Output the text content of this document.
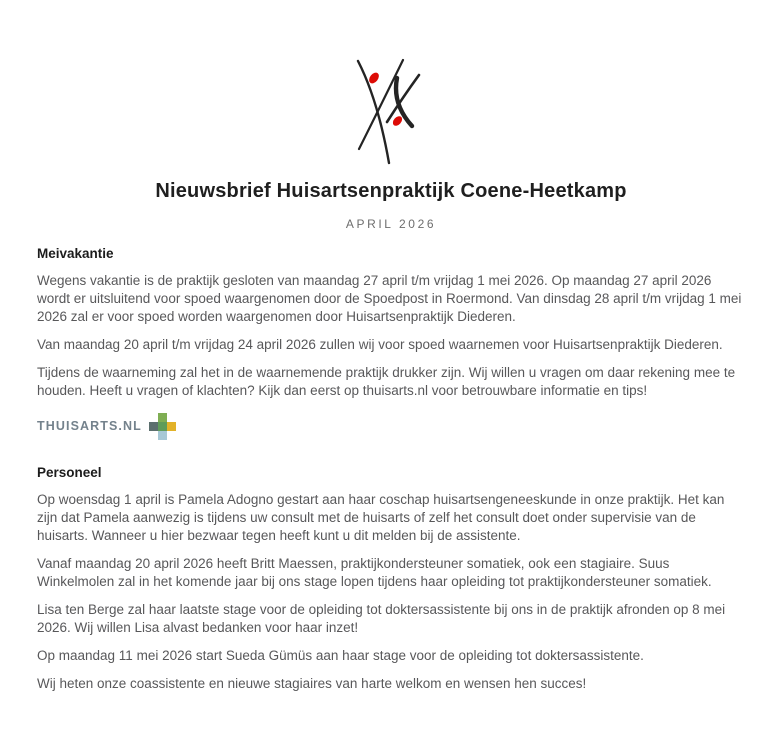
Nieuwsbrief Huisartsenpraktijk Coene-Heetkamp
APRIL 2026
Meivakantie

Wegens vakantie is de praktijk gesloten van maandag 27 april t/m vrijdag 1 mei 2026. Op maandag 27 april 2026 wordt er uitsluitend voor spoed waargenomen door de Spoedpost in Roermond. Van dinsdag 28 april t/m vrijdag 1 mei 2026 zal er voor spoed worden waargenomen door Huisartsenpraktijk Diederen.

Van maandag 20 april t/m vrijdag 24 april 2026 zullen wij voor spoed waarnemen voor Huisartsenpraktijk Diederen.

Tijdens de waarneming zal het in de waarnemende praktijk drukker zijn. Wij willen u vragen om daar rekening mee te houden. Heeft u vragen of klachten? Kijk dan eerst op thuisarts.nl voor betrouwbare informatie en tips!

THUISARTS.NL
Personeel

Op woensdag 1 april is Pamela Adogno gestart aan haar coschap huisartsengeneeskunde in onze praktijk. Het kan zijn dat Pamela aanwezig is tijdens uw consult met de huisarts of zelf het consult doet onder supervisie van de huisarts. Wanneer u hier bezwaar tegen heeft kunt u dit melden bij de assistente.

Vanaf maandag 20 april 2026 heeft Britt Maessen, praktijkondersteuner somatiek, ook een stagiaire. Suus Winkelmolen zal in het komende jaar bij ons stage lopen tijdens haar opleiding tot praktijkondersteuner somatiek.

Lisa ten Berge zal haar laatste stage voor de opleiding tot doktersassistente bij ons in de praktijk afronden op 8 mei 2026. Wij willen Lisa alvast bedanken voor haar inzet!

Op maandag 11 mei 2026 start Sueda Gümüs aan haar stage voor de opleiding tot doktersassistente.

Wij heten onze coassistente en nieuwe stagiaires van harte welkom en wensen hen succes!
